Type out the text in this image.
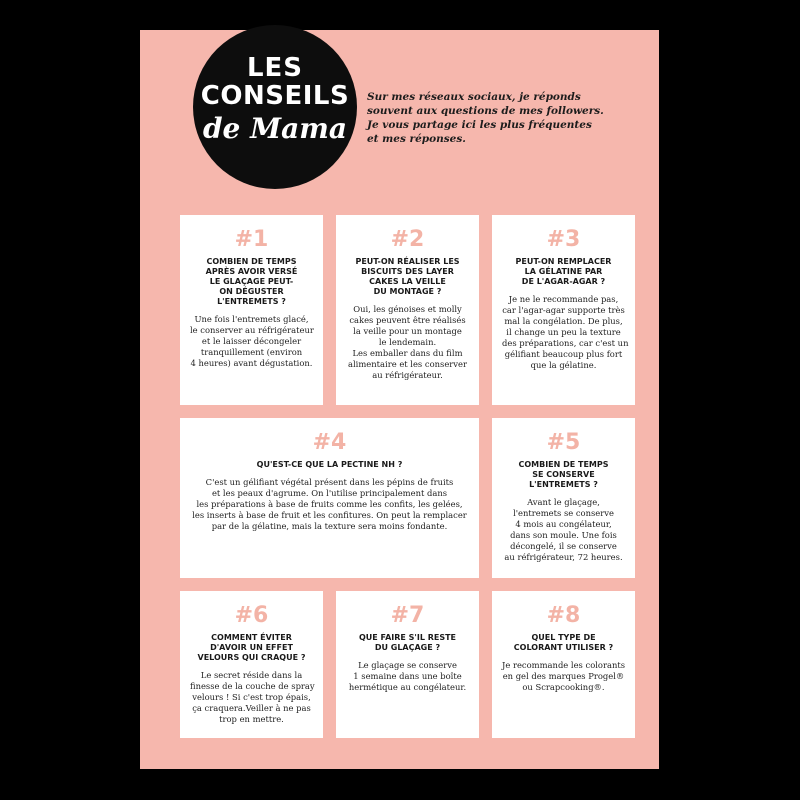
LES
CONSEILS
de Mama
Sur mes réseaux sociaux, je réponds
souvent aux questions de mes followers.
Je vous partage ici les plus fréquentes
et mes réponses.
#1
COMBIEN DE TEMPS
APRÈS AVOIR VERSÉ
LE GLAÇAGE PEUT-
ON DÉGUSTER
L'ENTREMETS ?
Une fois l'entremets glacé,
le conserver au réfrigérateur
et le laisser décongeler
tranquillement (environ
4 heures) avant dégustation.
#2
PEUT-ON RÉALISER LES
BISCUITS DES LAYER
CAKES LA VEILLE
DU MONTAGE ?
Oui, les génoises et molly
cakes peuvent être réalisés
la veille pour un montage
le lendemain.
Les emballer dans du film
alimentaire et les conserver
au réfrigérateur.
#3
PEUT-ON REMPLACER
LA GÉLATINE PAR
DE L'AGAR-AGAR ?
Je ne le recommande pas,
car l'agar-agar supporte très
mal la congélation. De plus,
il change un peu la texture
des préparations, car c'est un
gélifiant beaucoup plus fort
que la gélatine.
#4
QU'EST-CE QUE LA PECTINE NH ?
C'est un gélifiant végétal présent dans les pépins de fruits
et les peaux d'agrume. On l'utilise principalement dans
les préparations à base de fruits comme les confits, les gelées,
les inserts à base de fruit et les confitures. On peut la remplacer
par de la gélatine, mais la texture sera moins fondante.
#5
COMBIEN DE TEMPS
SE CONSERVE
L'ENTREMETS ?
Avant le glaçage,
l'entremets se conserve
4 mois au congélateur,
dans son moule. Une fois
décongelé, il se conserve
au réfrigérateur, 72 heures.
#6
COMMENT ÉVITER
D'AVOIR UN EFFET
VELOURS QUI CRAQUE ?
Le secret réside dans la
finesse de la couche de spray
velours ! Si c'est trop épais,
ça craquera.Veiller à ne pas
trop en mettre.
#7
QUE FAIRE S'IL RESTE
DU GLAÇAGE ?
Le glaçage se conserve
1 semaine dans une boîte
hermétique au congélateur.
#8
QUEL TYPE DE
COLORANT UTILISER ?
Je recommande les colorants
en gel des marques Progel®
ou Scrapcooking®.
